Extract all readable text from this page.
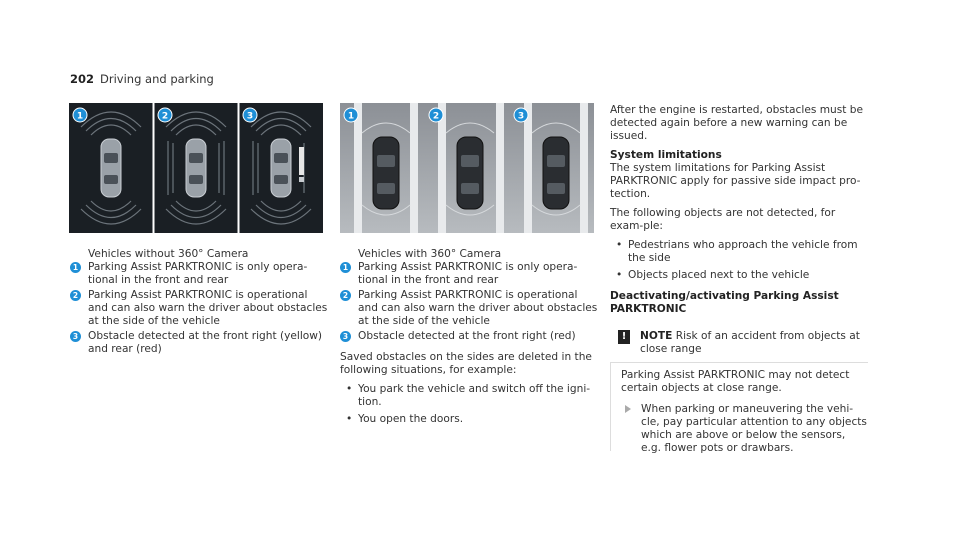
202 Driving and parking
1	2	3	1	2	3
Vehicles without 360° Camera
1 Parking Assist PARKTRONIC is only opera-tional in the front and rear
2 Parking Assist PARKTRONIC is operational and can also warn the driver about obstacles at the side of the vehicle
3 Obstacle detected at the front right (yellow) and rear (red)
Vehicles with 360° Camera
1 Parking Assist PARKTRONIC is only opera-tional in the front and rear
2 Parking Assist PARKTRONIC is operational and can also warn the driver about obstacles at the side of the vehicle
3 Obstacle detected at the front right (red)

Saved obstacles on the sides are deleted in the following situations, for example:

• You park the vehicle and switch off the igni-tion.
• You open the doors.

After the engine is restarted, obstacles must be detected again before a new warning can be issued.

System limitations

The system limitations for Parking Assist PARKTRONIC apply for passive side impact pro-tection.

The following objects are not detected, for exam-ple:

• Pedestrians who approach the vehicle from the side
• Objects placed next to the vehicle
Deactivating/activating Parking Assist PARKTRONIC
!	NOTE Risk of an accident from objects at close range
Parking Assist PARKTRONIC may not detect certain objects at close range.
When parking or maneuvering the vehi-cle, pay particular attention to any objects which are above or below the sensors, e.g. flower pots or drawbars.
